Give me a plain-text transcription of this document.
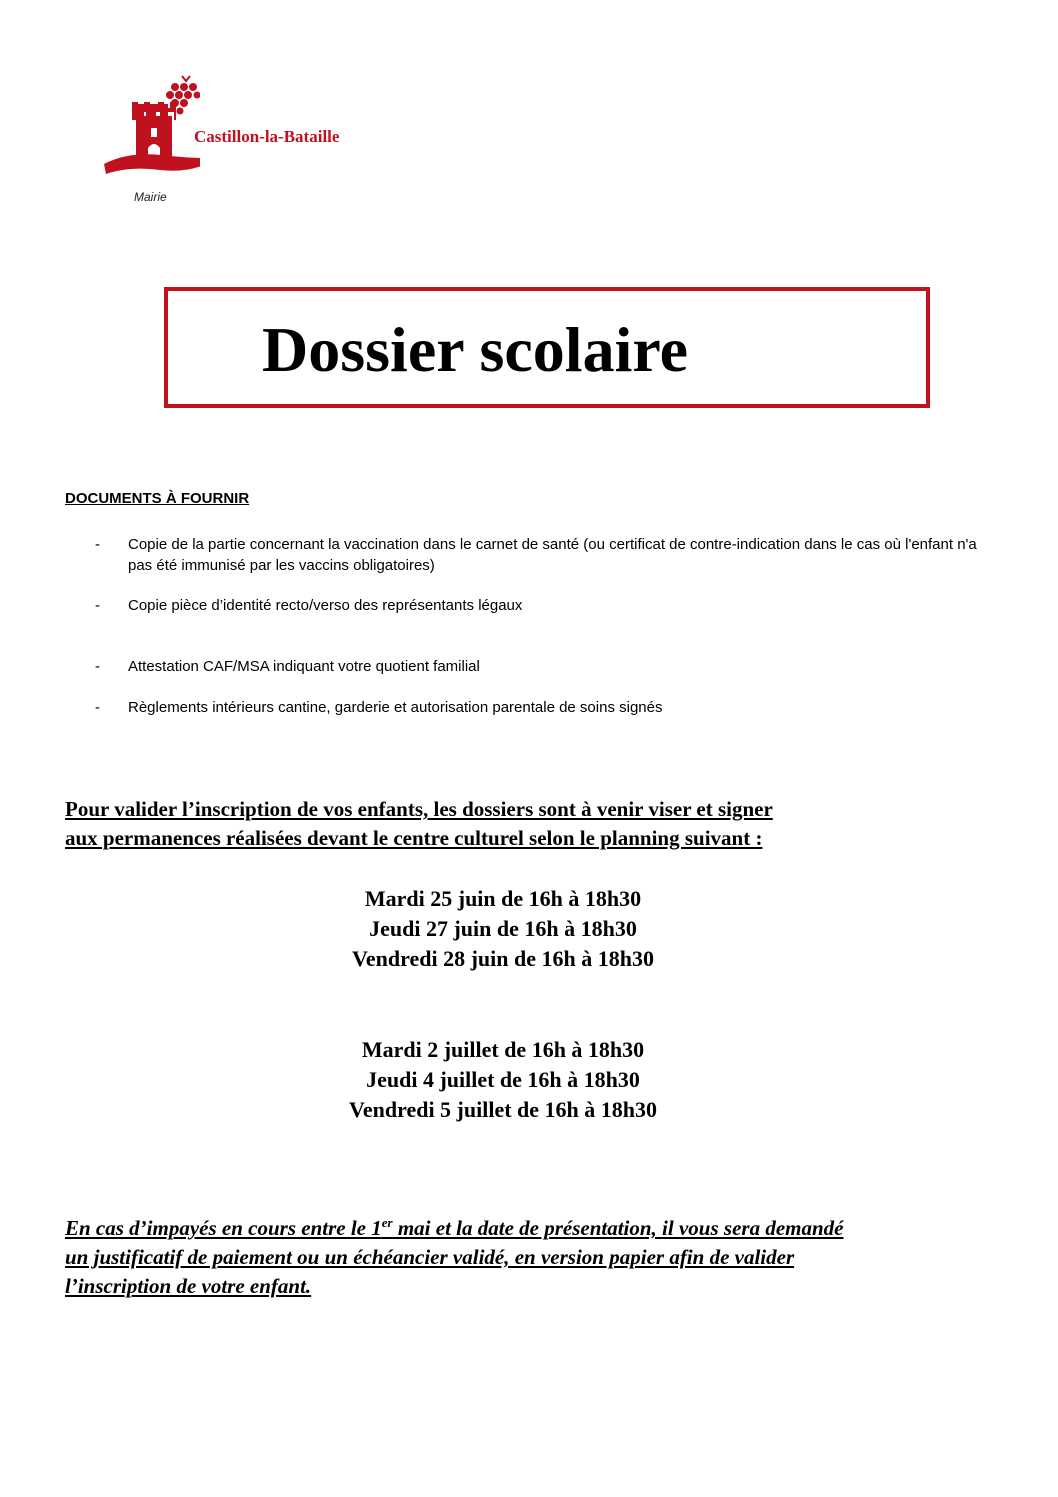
Castillon-la-Bataille
Mairie
Dossier scolaire
DOCUMENTS À FOURNIR
- Copie de la partie concernant la vaccination dans le carnet de santé (ou certificat de contre-indication dans le cas où l'enfant n'a pas été immunisé par les vaccins obligatoires)
- Copie pièce d’identité recto/verso des représentants légaux
- Attestation CAF/MSA indiquant votre quotient familial
- Règlements intérieurs cantine, garderie et autorisation parentale de soins signés
Pour valider l’inscription de vos enfants, les dossiers sont à venir viser et signer
aux permanences réalisées devant le centre culturel selon le planning suivant :
Mardi 25 juin de 16h à 18h30
Jeudi 27 juin de 16h à 18h30
Vendredi 28 juin de 16h à 18h30
Mardi 2 juillet de 16h à 18h30
Jeudi 4 juillet de 16h à 18h30
Vendredi 5 juillet de 16h à 18h30
En cas d’impayés en cours entre le 1er mai et la date de présentation, il vous sera demandé
un justificatif de paiement ou un échéancier validé, en version papier afin de valider
l’inscription de votre enfant.
